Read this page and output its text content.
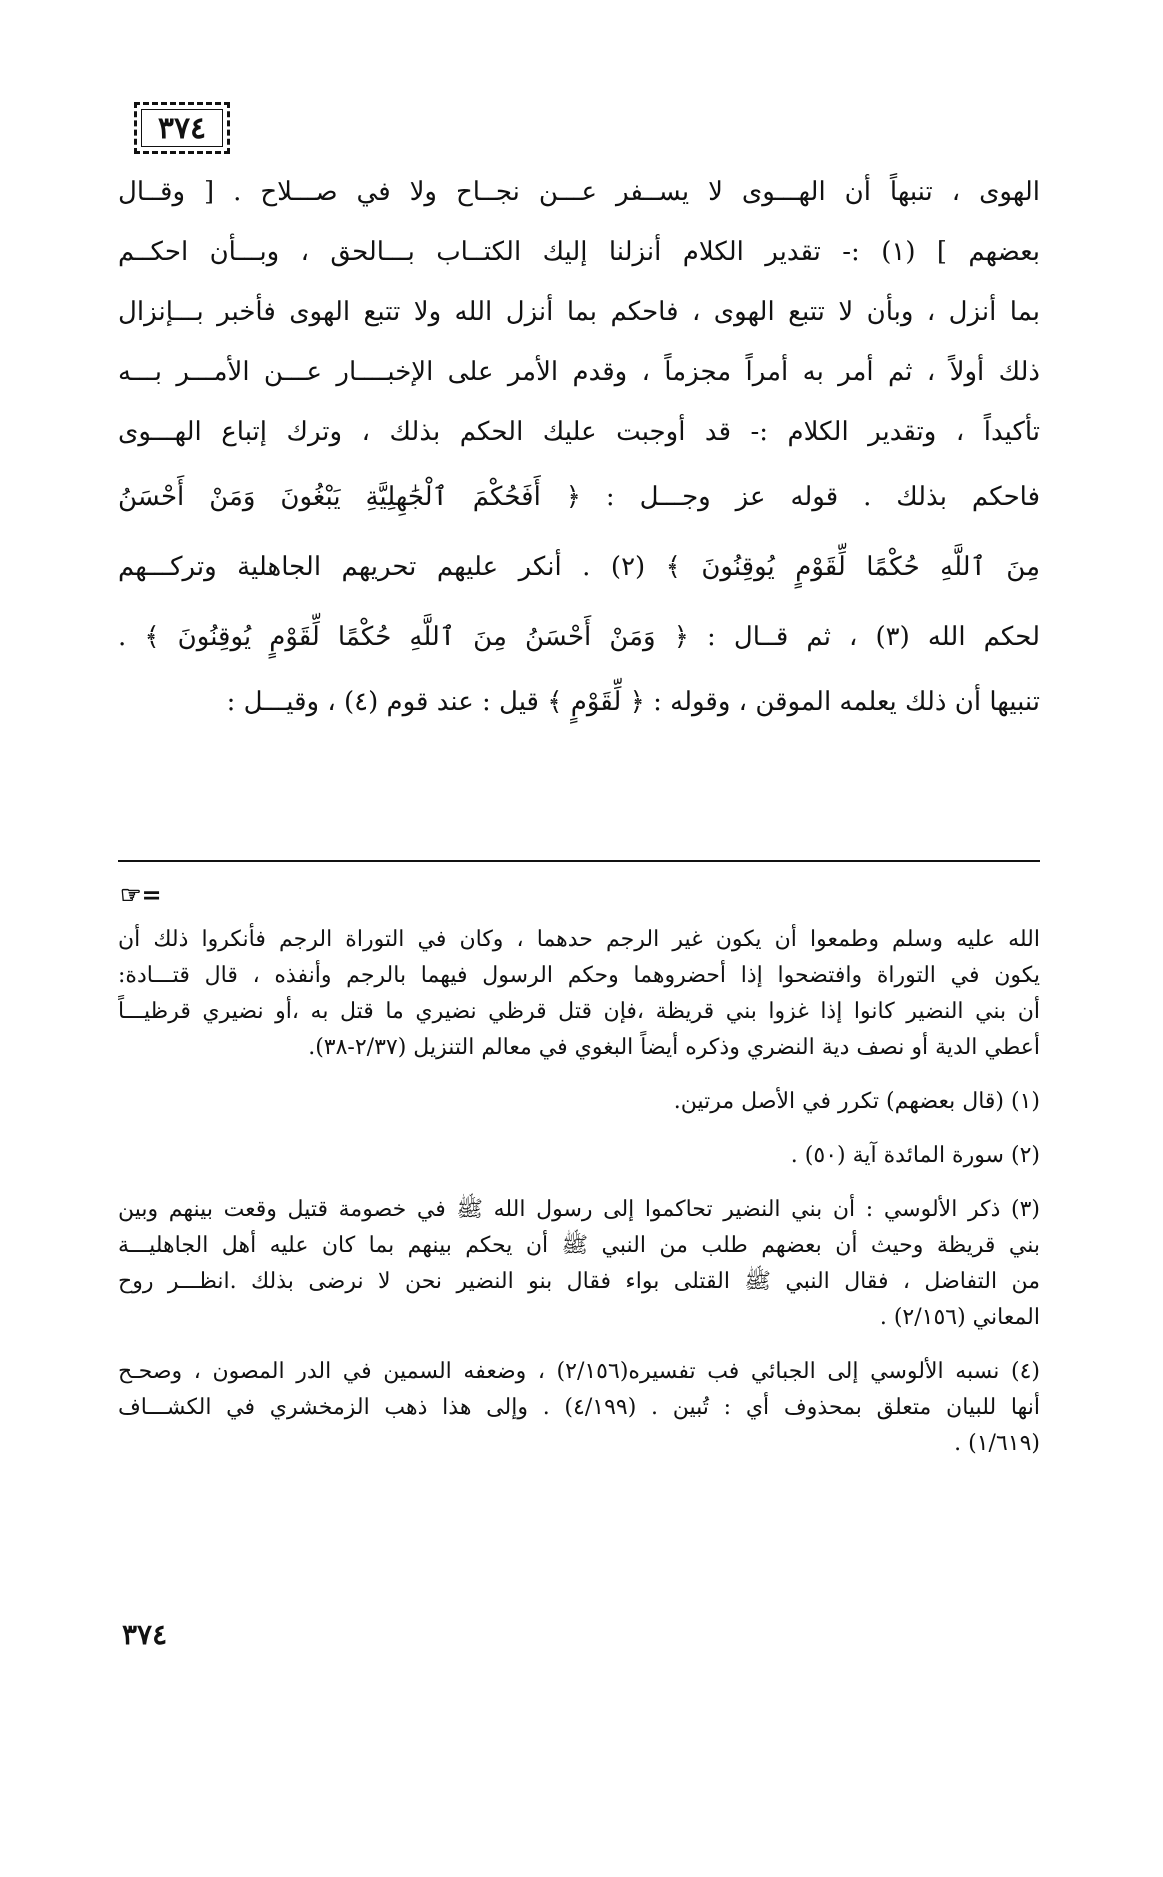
٣٧٤
الهوى ، تنبهاً أن الهـــوى لا يســفر عـــن نجــاح ولا في صـــلاح . [ وقــال
بعضهم ] (١) :- تقدير الكلام أنزلنا إليك الكتــاب بـــالحق ، وبـــأن احكــم
بما أنزل ، وبأن لا تتبع الهوى ، فاحكم بما أنزل الله ولا تتبع الهوى فأخبر بـــإنزال
ذلك أولاً ، ثم أمر به أمراً مجزماً ، وقدم الأمر على الإخبــــار عـــن الأمـــر بـــه
تأكيداً ، وتقدير الكلام :- قد أوجبت عليك الحكم بذلك ، وترك إتباع الهـــوى
فاحكم بذلك . قوله عز وجـــل : ﴿ أَفَحُكْمَ ٱلْجَٰهِلِيَّةِ يَبْغُونَ وَمَنْ أَحْسَنُ
مِنَ ٱللَّهِ حُكْمًا لِّقَوْمٍ يُوقِنُونَ ﴾ (٢) . أنكر عليهم تحريهم الجاهلية وتركـــهم
لحكم الله (٣) ، ثم قــال : ﴿ وَمَنْ أَحْسَنُ مِنَ ٱللَّهِ حُكْمًا لِّقَوْمٍ يُوقِنُونَ ﴾ .
تنبيها أن ذلك يعلمه الموقن ، وقوله : ﴿ لِّقَوْمٍ ﴾ قيل : عند قوم (٤) ، وقيـــل :
☞=
الله عليه وسلم وطمعوا أن يكون غير الرجم حدهما ، وكان في التوراة الرجم فأنكروا ذلك أن
يكون في التوراة وافتضحوا إذا أحضروهما وحكم الرسول فيهما بالرجم وأنفذه ، قال قتـــادة:
أن بني النضير كانوا إذا غزوا بني قريظة ،فإن قتل قرظي نضيري ما قتل به ،أو نضيري قرظيـــاً
أعطي الدية أو نصف دية النضري وذكره أيضاً البغوي في معالم التنزيل (٢/٣٧-٣٨).
(١) (قال بعضهم) تكرر في الأصل مرتين.
(٢) سورة المائدة آية (٥٠) .
(٣) ذكر الألوسي : أن بني النضير تحاكموا إلى رسول الله ﷺ في خصومة قتيل وقعت بينهم وبين
بني قريظة وحيث أن بعضهم طلب من النبي ﷺ أن يحكم بينهم بما كان عليه أهل الجاهليـــة
من التفاضل ، فقال النبي ﷺ القتلى بواء فقال بنو النضير نحن لا نرضى بذلك .انظـــر روح
المعاني (٢/١٥٦) .
(٤) نسبه الألوسي إلى الجبائي فب تفسيره(٢/١٥٦) ، وضعفه السمين في الدر المصون ، وصحـح
أنها للبيان متعلق بمحذوف أي : تُبين . (٤/١٩٩) . وإلى هذا ذهب الزمخشري في الكشـــاف
(١/٦١٩) .
٣٧٤
